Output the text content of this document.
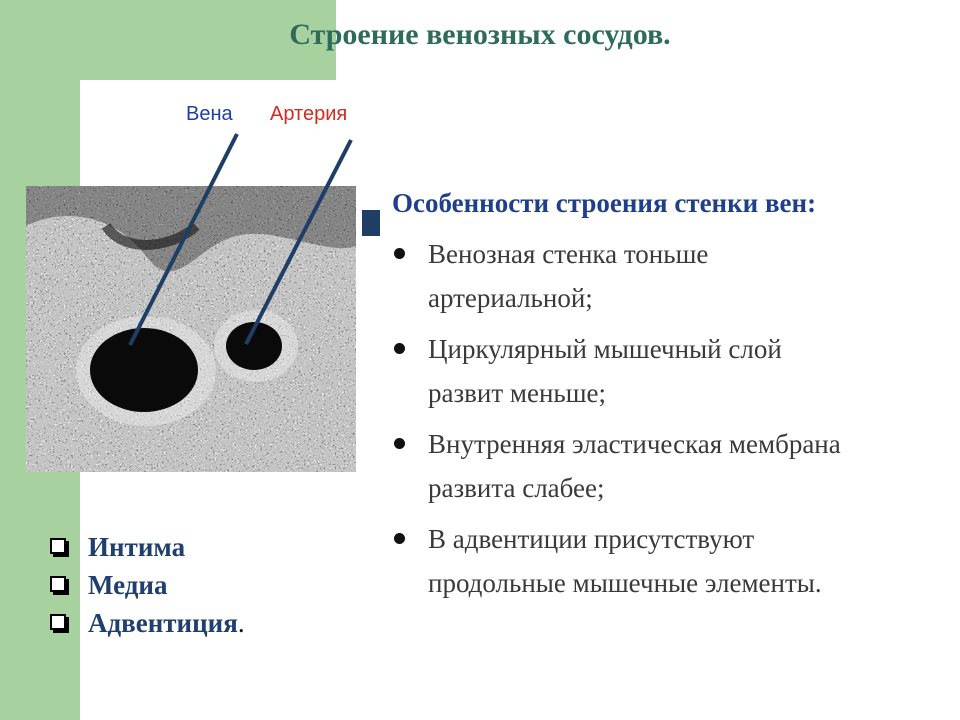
Строение венозных сосудов.
Вена Артерия
Особенности строения стенки вен:
Венозная стенка тоньше
артериальной;
Циркулярный мышечный слой
развит меньше;
Внутренняя эластическая мембрана
развита слабее;
В адвентиции присутствуют
продольные мышечные элементы.
Интима
Медиа
Адвентиция.
